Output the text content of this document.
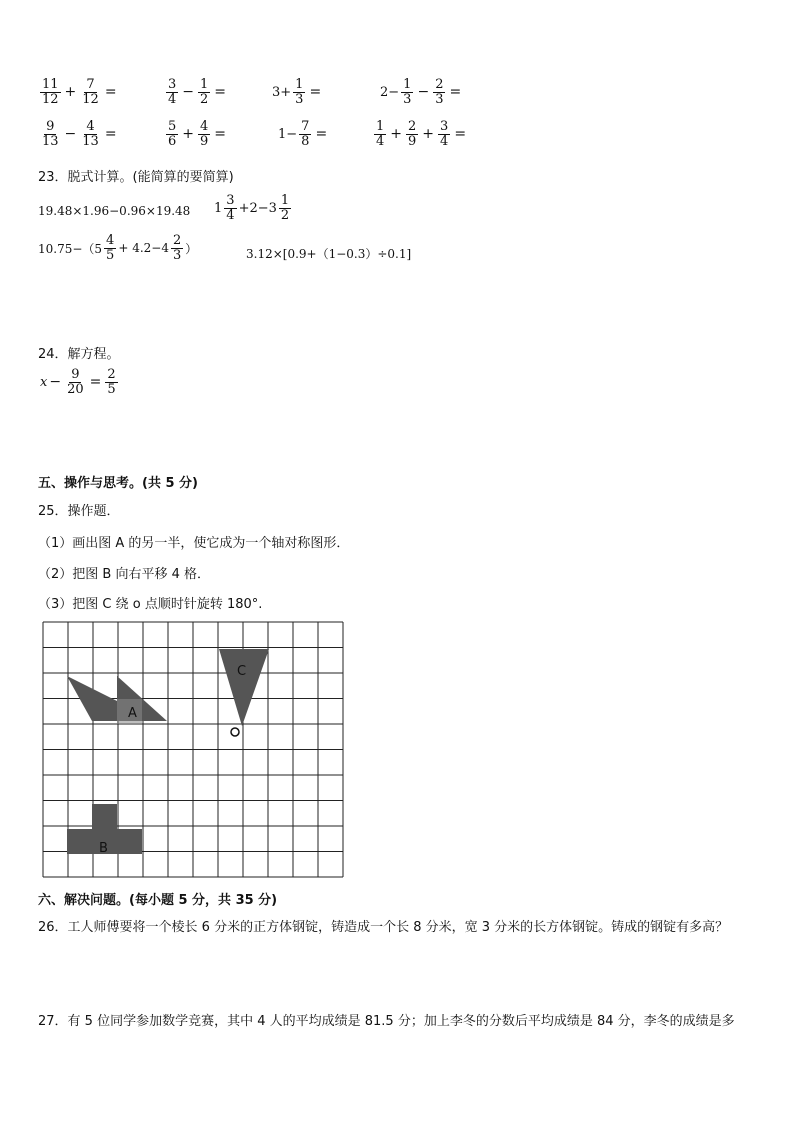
$\frac{11}{12} + \frac{7}{12}$ =	$\frac{3}{4} - \frac{1}{2}$ =	$3+ \frac{1}{3}$ =	$2- \frac{1}{3} - \frac{2}{3}$ =
$\frac{9}{13} - \frac{4}{13}$ =	$\frac{5}{6} + \frac{4}{9}$ =	$1- \frac{7}{8}$ =	$\frac{1}{4} + \frac{2}{9} + \frac{3}{4}$ =
23．脱式计算。(能简算的要简算)
19.48×1.96−0.96×19.48 $1 \frac{3}{4} +2-3 \frac{1}{2}$
$10.75-(5 \frac{4}{5} + 4.2-4 \frac{2}{3}$ ）	3.12×[0.9+（1−0.3）÷0.1]
24．解方程。
$x - \frac{9}{20} = \frac{2}{5}$
五、操作与思考。(共 5 分)
25．操作题．
（1）画出图 A 的另一半，使它成为一个轴对称图形．
（2）把图 B 向右平移 4 格．
（3）把图 C 绕 o 点顺时针旋转 180°.
A
B
C
六、解决问题。(每小题 5 分，共 35 分)
26．工人师傅要将一个棱长 6 分米的正方体钢锭，铸造成一个长 8 分米，宽 3 分米的长方体钢锭。铸成的钢锭有多高？
27．有 5 位同学参加数学竞赛，其中 4 人的平均成绩是 81.5 分；加上李冬的分数后平均成绩是 84 分，李冬的成绩是多
